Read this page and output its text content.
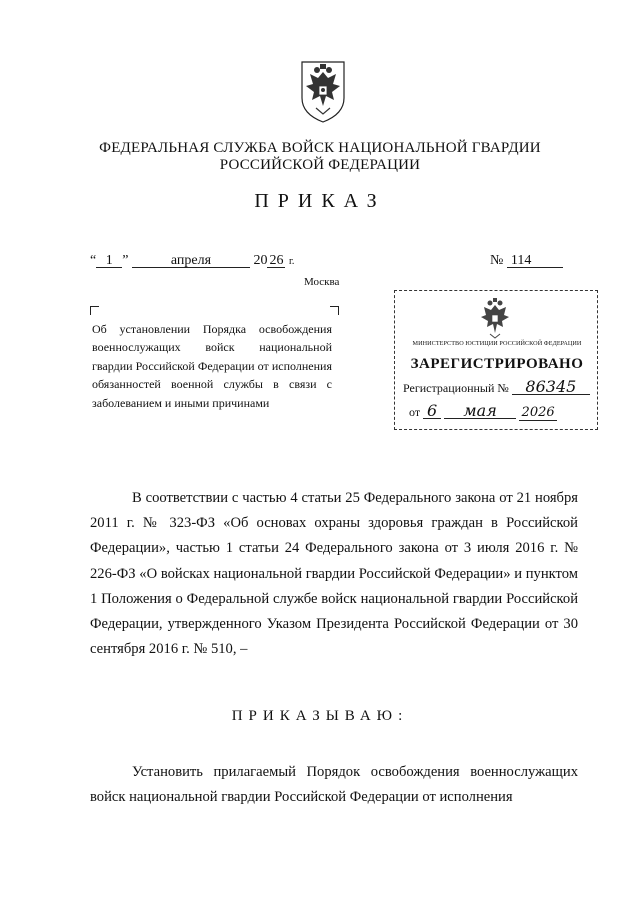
ФЕДЕРАЛЬНАЯ СЛУЖБА ВОЙСК НАЦИОНАЛЬНОЙ ГВАРДИИ
РОССИЙСКОЙ ФЕДЕРАЦИИ
ПРИКАЗ
“ 1 ”	апреля	20 26 г.	№ 114
Москва
Об установлении Порядка освобождения военнослужащих войск национальной гвардии Российской Федерации от исполнения обязанностей военной службы в связи с заболеванием и иными причинами
МИНИСТЕРСТВО ЮСТИЦИИ РОССИЙСКОЙ ФЕДЕРАЦИИ
ЗАРЕГИСТРИРОВАНО
Регистрационный № 86345
от 6 мая 2026

В соответствии с частью 4 статьи 25 Федерального закона от 21 ноября 2011 г. № 323-ФЗ «Об основах охраны здоровья граждан в Российской Федерации», частью 1 статьи 24 Федерального закона от 3 июля 2016 г. № 226-ФЗ «О войсках национальной гвардии Российской Федерации» и пунктом 1 Положения о Федеральной службе войск национальной гвардии Российской Федерации, утвержденного Указом Президента Российской Федерации от 30 сентября 2016 г. № 510, –

ПРИКАЗЫВАЮ:

Установить прилагаемый Порядок освобождения военнослужащих войск национальной гвардии Российской Федерации от исполнения
